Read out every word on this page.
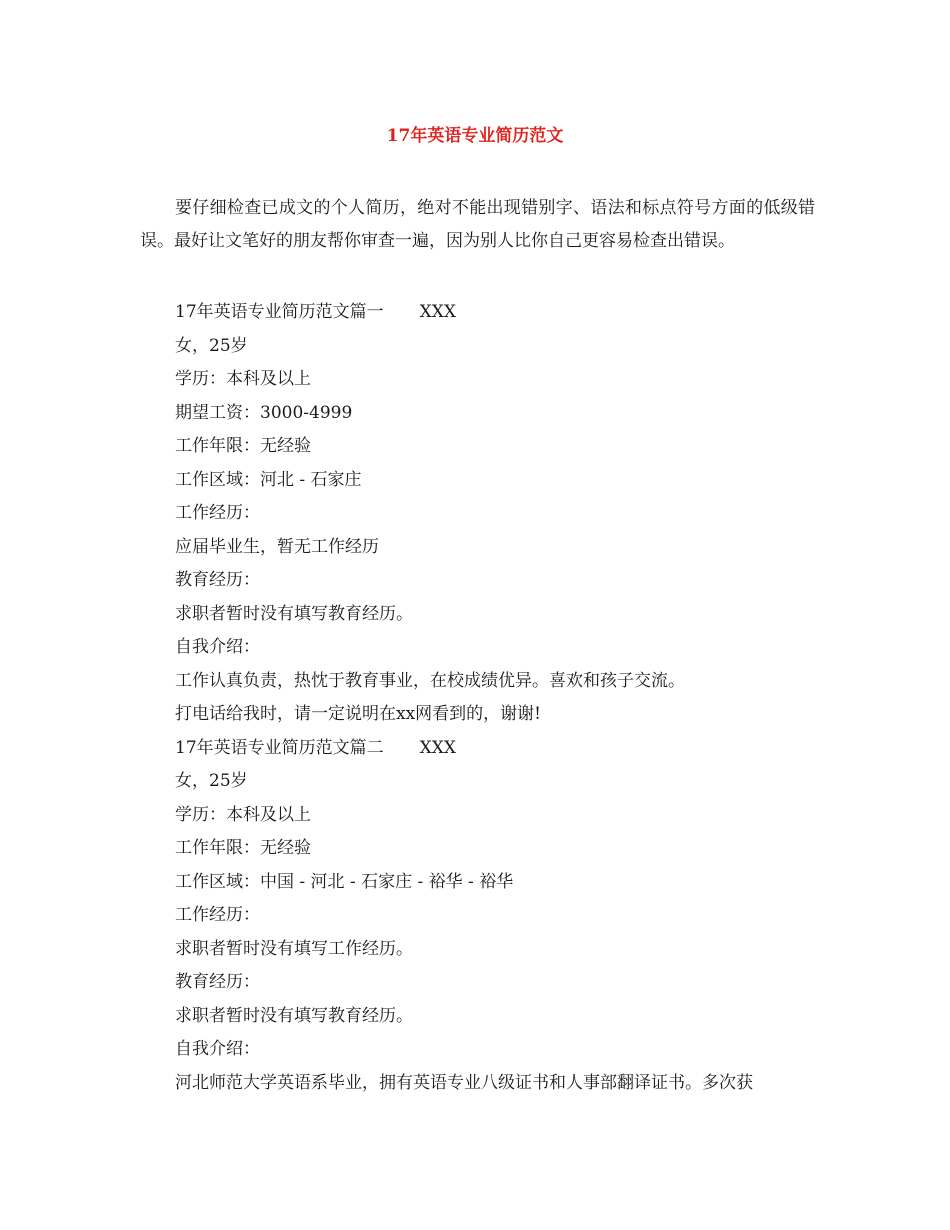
17年英语专业简历范文
要仔细检查已成文的个人简历，绝对不能出现错别字、语法和标点符号方面的低级错误。最好让文笔好的朋友帮你审查一遍，因为别人比你自己更容易检查出错误。
17年英语专业简历范文篇一 XXX
女，25岁
学历：本科及以上
期望工资：3000-4999
工作年限：无经验
工作区域：河北 - 石家庄
工作经历：
应届毕业生，暂无工作经历
教育经历：
求职者暂时没有填写教育经历。
自我介绍：
工作认真负责，热忱于教育事业，在校成绩优异。喜欢和孩子交流。
打电话给我时，请一定说明在xx网看到的，谢谢!
17年英语专业简历范文篇二 XXX
女，25岁
学历：本科及以上
工作年限：无经验
工作区域：中国 - 河北 - 石家庄 - 裕华 - 裕华
工作经历：
求职者暂时没有填写工作经历。
教育经历：
求职者暂时没有填写教育经历。
自我介绍：
河北师范大学英语系毕业，拥有英语专业八级证书和人事部翻译证书。多次获
